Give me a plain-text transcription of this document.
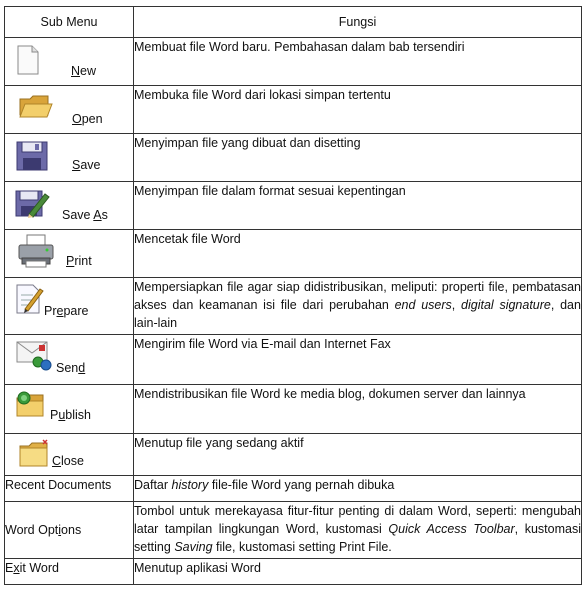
Sub Menu	Fungsi

New	Membuat file Word baru. Pembahasan dalam bab tersendiri

Open	Membuka file Word dari lokasi simpan tertentu

Save	Menyimpan file yang dibuat dan disetting

Save As	Menyimpan file dalam format sesuai kepentingan

Print	Mencetak file Word

Prepare	Mempersiapkan file agar siap didistribusikan, meliputi: properti file, pembatasan akses dan keamanan isi file dari perubahan end users, digital signature, dan lain-lain

Send	Mengirim file Word via E-mail dan Internet Fax

Publish	Mendistribusikan file Word ke media blog, dokumen server dan lainnya

Close	Menutup file yang sedang aktif
Recent Documents	Daftar history file-file Word yang pernah dibuka
Word Options	Tombol untuk merekayasa fitur-fitur penting di dalam Word, seperti: mengubah latar tampilan lingkungan Word, kustomasi Quick Access Toolbar, kustomasi setting Saving file, kustomasi setting Print File.
Exit Word	Menutup aplikasi Word
